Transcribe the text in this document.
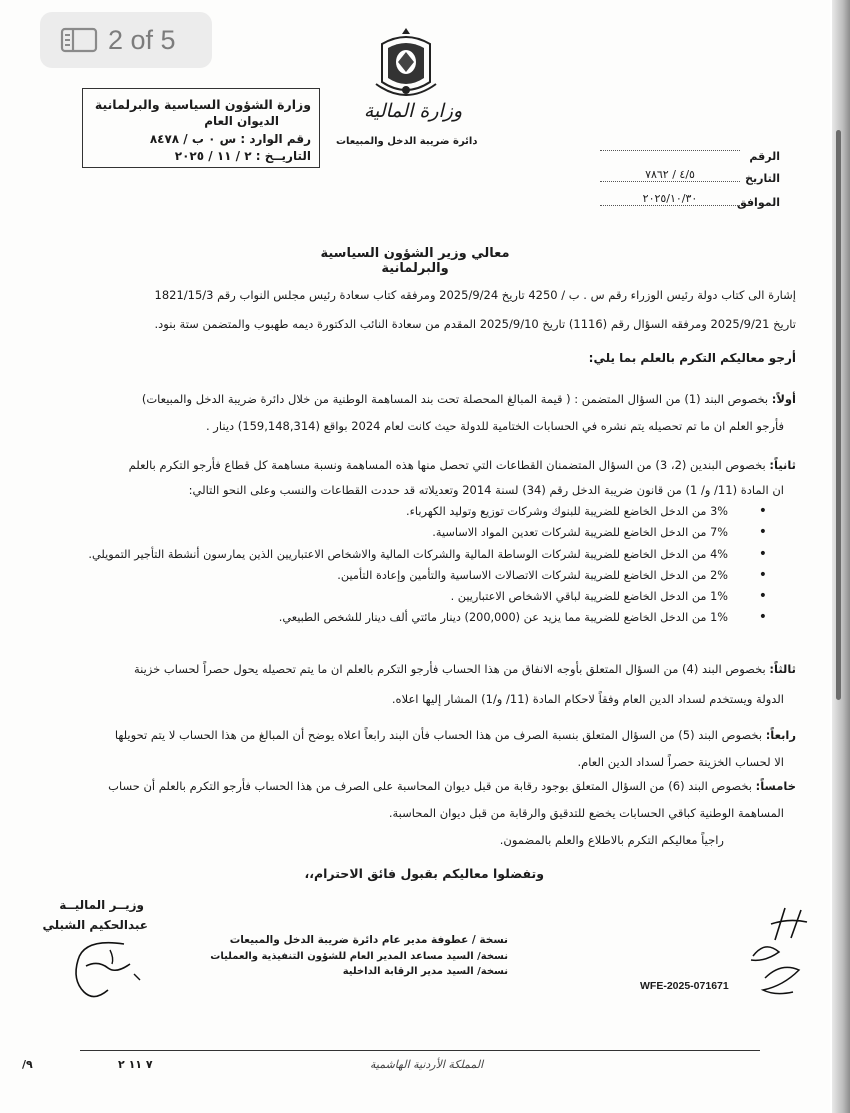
2 of 5
وزارة الشؤون السياسية والبرلمانية
الديوان العام
رقم الوارد : س ٠ ب / ٨٤٧٨
التاريــخ : ٢ / ١١ / ٢٠٢٥
وزارة المالية
دائرة ضريبة الدخل والمبيعات
الرقم
التاريخ
٤/٥ / ٧٨٦٢
الموافق
٢٠٢٥/١٠/٣٠
معالي وزير الشؤون السياسية والبرلمانية

إشارة الى كتاب دولة رئيس الوزراء رقم س . ب / 4250 تاريخ 2025/9/24 ومرفقه كتاب سعادة رئيس مجلس النواب رقم 1821/15/3

تاريخ 2025/9/21 ومرفقه السؤال رقم (1116) تاريخ 2025/9/10 المقدم من سعادة النائب الدكتورة ديمه طهبوب والمتضمن ستة بنود.

أرجو معاليكم التكرم بالعلم بما يلي:

أولاً: بخصوص البند (1) من السؤال المتضمن : ( قيمة المبالغ المحصلة تحت بند المساهمة الوطنية من خلال دائرة ضريبة الدخل والمبيعات)

فأرجو العلم ان ما تم تحصيله يتم نشره في الحسابات الختامية للدولة حيث كانت لعام 2024 بواقع (159,148,314) دينار .

ثانياً: بخصوص البندين (2، 3) من السؤال المتضمنان القطاعات التي تحصل منها هذه المساهمة ونسبة مساهمة كل قطاع فأرجو التكرم بالعلم

ان المادة (11/ و/ 1) من قانون ضريبة الدخل رقم (34) لسنة 2014 وتعديلاته قد حددت القطاعات والنسب وعلى النحو التالي:

• 3% من الدخل الخاضع للضريبة للبنوك وشركات توزيع وتوليد الكهرباء.
• 7% من الدخل الخاضع للضريبة لشركات تعدين المواد الاساسية.
• 4% من الدخل الخاضع للضريبة لشركات الوساطة المالية والشركات المالية والاشخاص الاعتباريين الذين يمارسون أنشطة التأجير التمويلي.
• 2% من الدخل الخاضع للضريبة لشركات الاتصالات الاساسية والتأمين وإعادة التأمين.
• 1% من الدخل الخاضع للضريبة لباقي الاشخاص الاعتباريين .
• 1% من الدخل الخاضع للضريبة مما يزيد عن (200,000) دينار مائتي ألف دينار للشخص الطبيعي.

ثالثاً: بخصوص البند (4) من السؤال المتعلق بأوجه الانفاق من هذا الحساب فأرجو التكرم بالعلم ان ما يتم تحصيله يحول حصراً لحساب خزينة

الدولة ويستخدم لسداد الدين العام وفقاً لاحكام المادة (11/ و/1) المشار إليها اعلاه.

رابعاً: بخصوص البند (5) من السؤال المتعلق بنسبة الصرف من هذا الحساب فأن البند رابعاً اعلاه يوضح أن المبالغ من هذا الحساب لا يتم تحويلها

الا لحساب الخزينة حصراً لسداد الدين العام.

خامساً: بخصوص البند (6) من السؤال المتعلق بوجود رقابة من قبل ديوان المحاسبة على الصرف من هذا الحساب فأرجو التكرم بالعلم أن حساب

المساهمة الوطنية كباقي الحسابات يخضع للتدقيق والرقابة من قبل ديوان المحاسبة.

راجياً معاليكم التكرم بالاطلاع والعلم بالمضمون.
وتفضلوا معاليكم بقبول فائق الاحترام،،
وزيــر الماليــة
عبدالحكيم الشبلي
نسخة / عطوفة مدير عام دائرة ضريبة الدخل والمبيعات
نسخة/ السيد مساعد المدير العام للشؤون التنفيذية والعمليات
نسخة/ السيد مدير الرقابة الداخلية
WFE-2025-071671
/٩	٧ ١١ ٢	المملكة الأردنية الهاشمية
